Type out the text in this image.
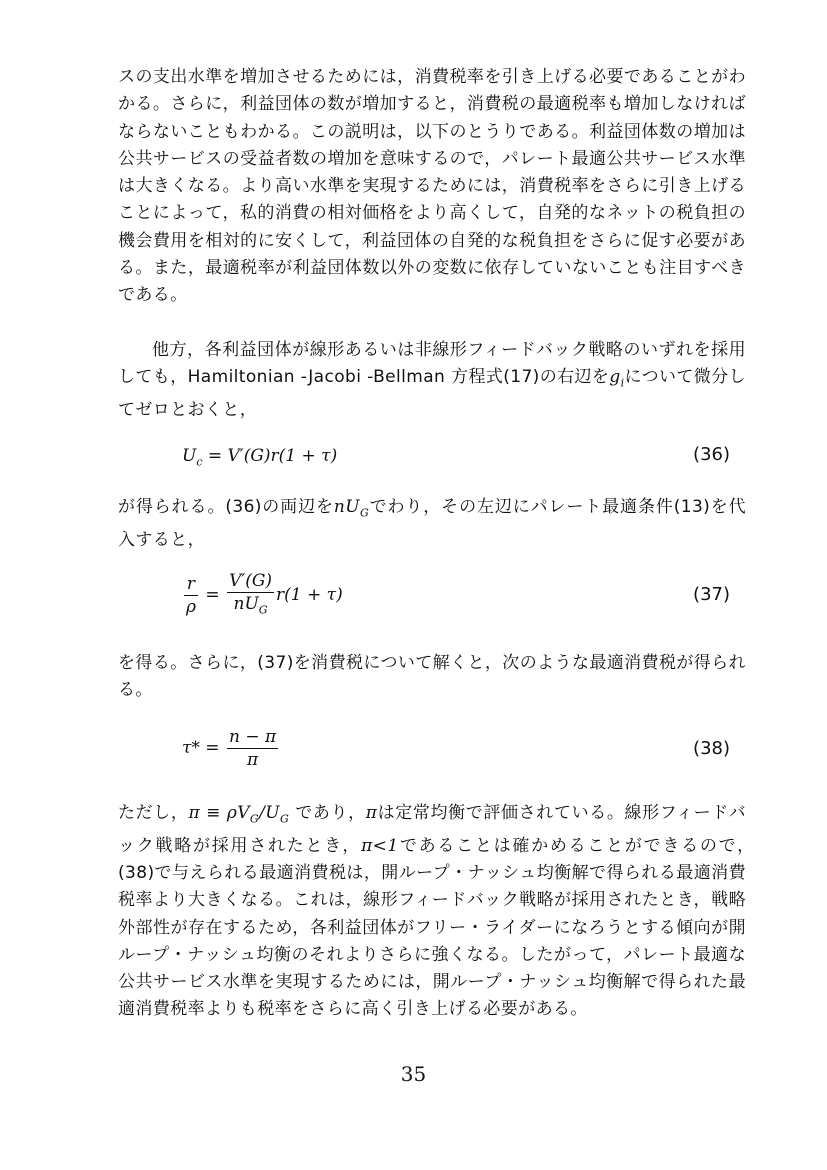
スの支出水準を増加させるためには，消費税率を引き上げる必要であることがわかる。さらに，利益団体の数が増加すると，消費税の最適税率も増加しなければならないこともわかる。この説明は，以下のとうりである。利益団体数の増加は公共サービスの受益者数の増加を意味するので，パレート最適公共サービス水準は大きくなる。より高い水準を実現するためには，消費税率をさらに引き上げることによって，私的消費の相対価格をより高くして，自発的なネットの税負担の機会費用を相対的に安くして，利益団体の自発的な税負担をさらに促す必要がある。また，最適税率が利益団体数以外の変数に依存していないことも注目すべきである。

他方，各利益団体が線形あるいは非線形フィードバック戦略のいずれを採用しても，Hamiltonian -Jacobi -Bellman 方程式(17)の右辺を$g_i$について微分してゼロとおくと，

$U_c = V'(G)r(1 + \tau)$	(36)

が得られる。(36)の両辺を$nU_G$でわり，その左辺にパレート最適条件(13)を代入すると，

$\frac{r}{\rho} = \frac{V'(G)}{nU_G} r(1 + \tau)$	(37)

を得る。さらに，(37)を消費税について解くと，次のような最適消費税が得られる。

$\tau* = \frac{n - \pi}{\pi}$	(38)

ただし，$\pi \equiv \rho V_G/U_G$ であり，πは定常均衡で評価されている。線形フィードバック戦略が採用されたとき，π<1であることは確かめることができるので，　(38)で与えられる最適消費税は，開ループ・ナッシュ均衡解で得られる最適消費税率より大きくなる。これは，線形フィードバック戦略が採用されたとき，戦略外部性が存在するため，各利益団体がフリー・ライダーになろうとする傾向が開ループ・ナッシュ均衡のそれよりさらに強くなる。したがって，パレート最適な公共サービス水準を実現するためには，開ループ・ナッシュ均衡解で得られた最適消費税率よりも税率をさらに高く引き上げる必要がある。

35
